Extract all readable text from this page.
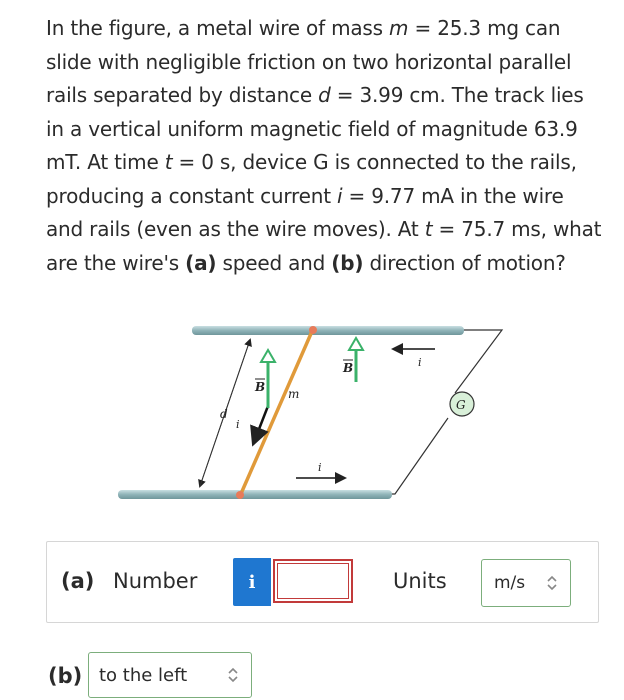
In the figure, a metal wire of mass m = 25.3 mg can slide with negligible friction on two horizontal parallel rails separated by distance d = 3.99 cm. The track lies in a vertical uniform magnetic field of magnitude 63.9 mT. At time t = 0 s, device G is connected to the rails, producing a constant current i = 9.77 mA in the wire and rails (even as the wire moves). At t = 75.7 ms, what are the wire's (a) speed and (b) direction of motion?
d
i
B
B
m
i
i
G
(a) Number	i	Units	m/s
(b) to the left
